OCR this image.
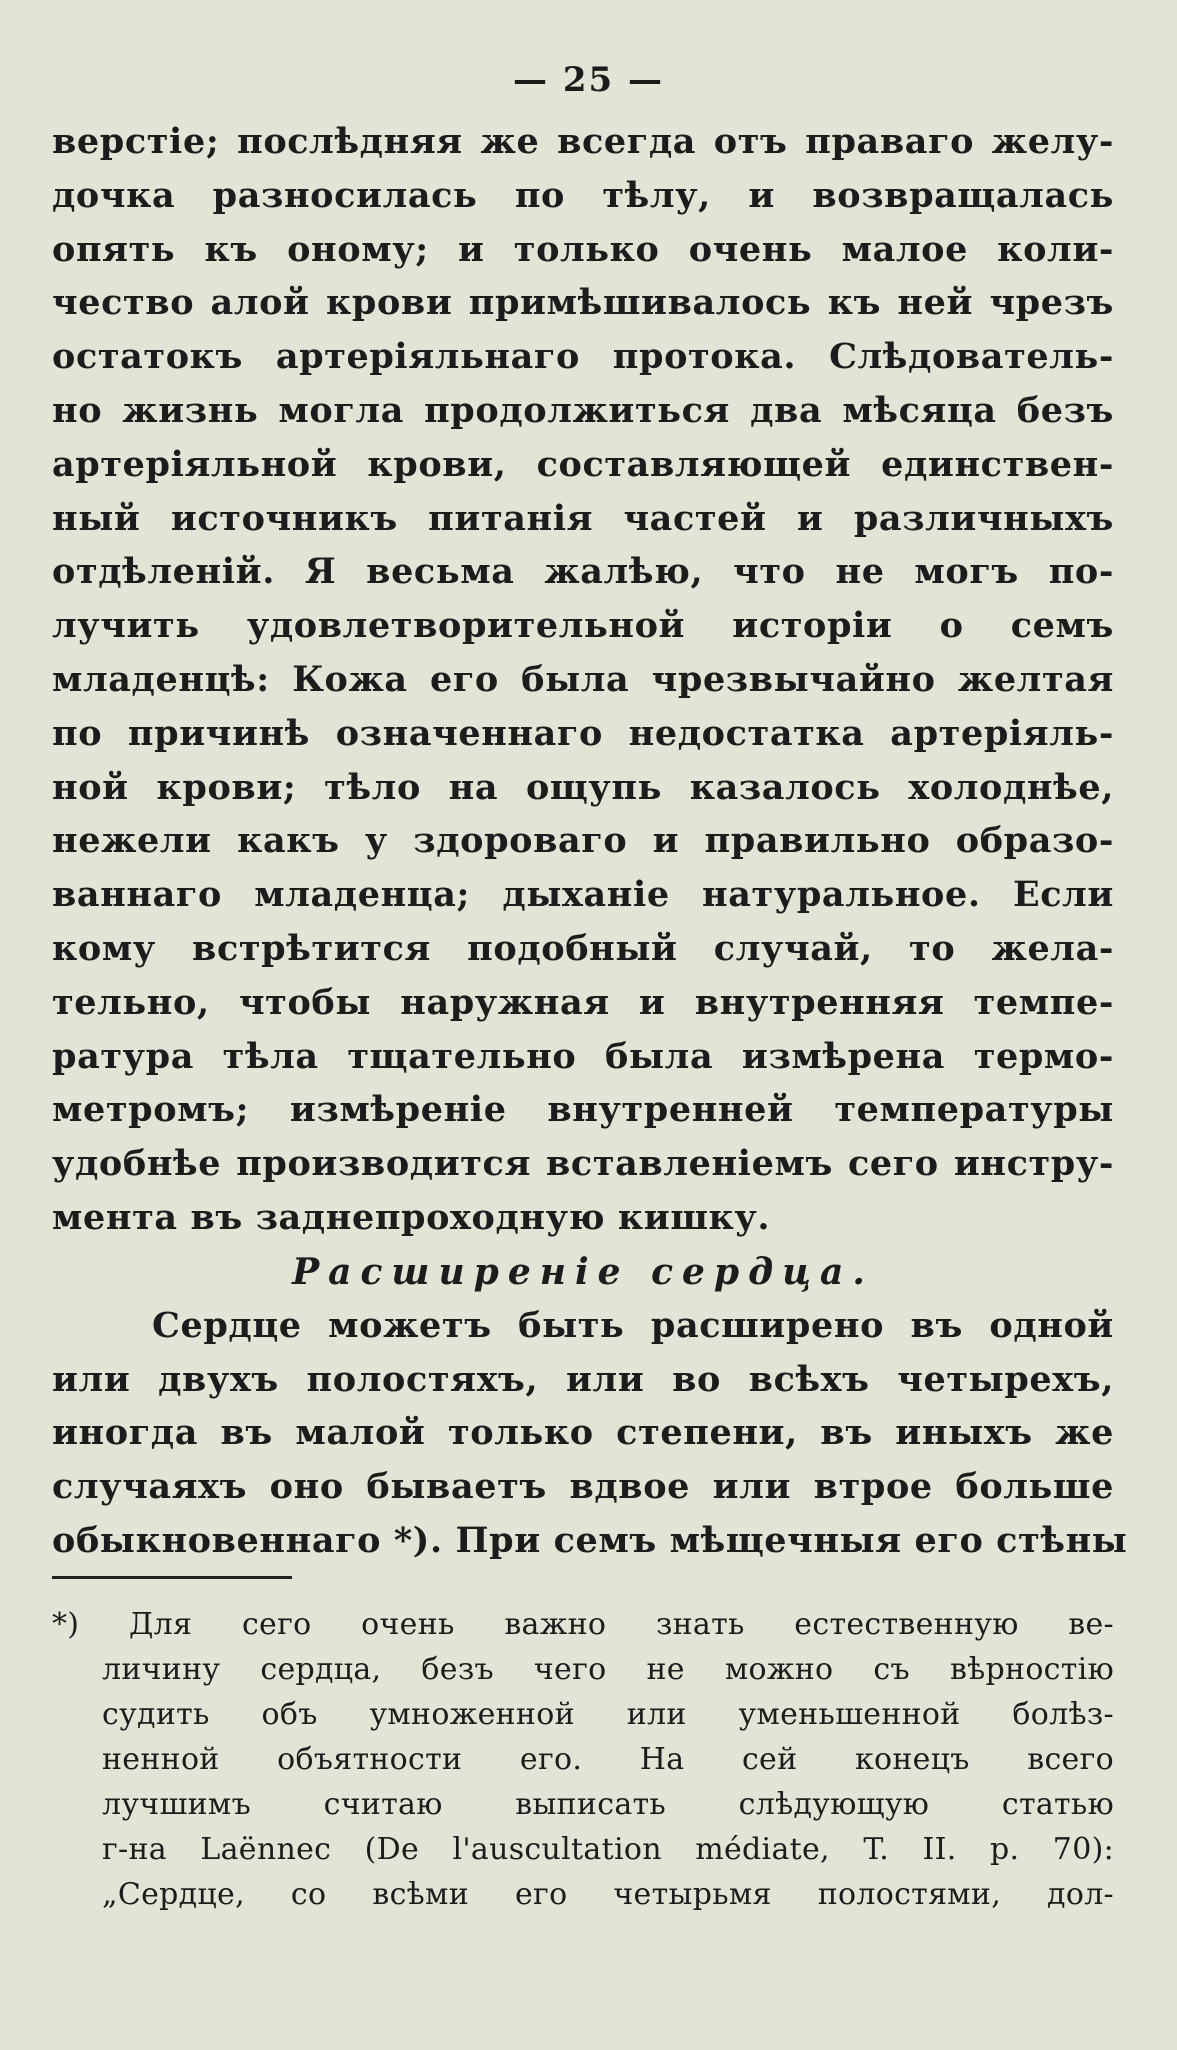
— 25 —
верстіе; послѣдняя же всегда отъ праваго желу-
дочка разносилась по тѣлу, и возвращалась
опять къ оному; и только очень малое коли-
чество алой крови примѣшивалось къ ней чрезъ
остатокъ артеріяльнаго протока. Слѣдователь-
но жизнь могла продолжиться два мѣсяца безъ
артеріяльной крови, составляющей единствен-
ный источникъ питанія частей и различныхъ
отдѣленій. Я весьма жалѣю, что не могъ по-
лучить удовлетворительной исторіи о семъ
младенцѣ: Кожа его была чрезвычайно желтая
по причинѣ означеннаго недостатка артеріяль-
ной крови; тѣло на ощупь казалось холоднѣе,
нежели какъ у здороваго и правильно образо-
ваннаго младенца; дыханіе натуральное. Если
кому встрѣтится подобный случай, то жела-
тельно, чтобы наружная и внутренняя темпе-
ратура тѣла тщательно была измѣрена термо-
метромъ; измѣреніе внутренней температуры
удобнѣе производится вставленіемъ сего инстру-
мента въ заднепроходную кишку.
Расширеніе сердца.
Сердце можетъ быть расширено въ одной
или двухъ полостяхъ, или во всѣхъ четырехъ,
иногда въ малой только степени, въ иныхъ же
случаяхъ оно бываетъ вдвое или втрое больше
обыкновеннаго *). При семъ мѣщечныя его стѣны
*) Для сего очень важно знать естественную ве-
личину сердца, безъ чего не можно съ вѣрностію
судить объ умноженной или уменьшенной болѣз-
ненной объятности его. На сей конецъ всего
лучшимъ считаю выписать слѣдующую статью
г-на Laënnec (De l'auscultation médiate, T. II. p. 70):
„Сердце, со всѣми его четырьмя полостями, дол-
